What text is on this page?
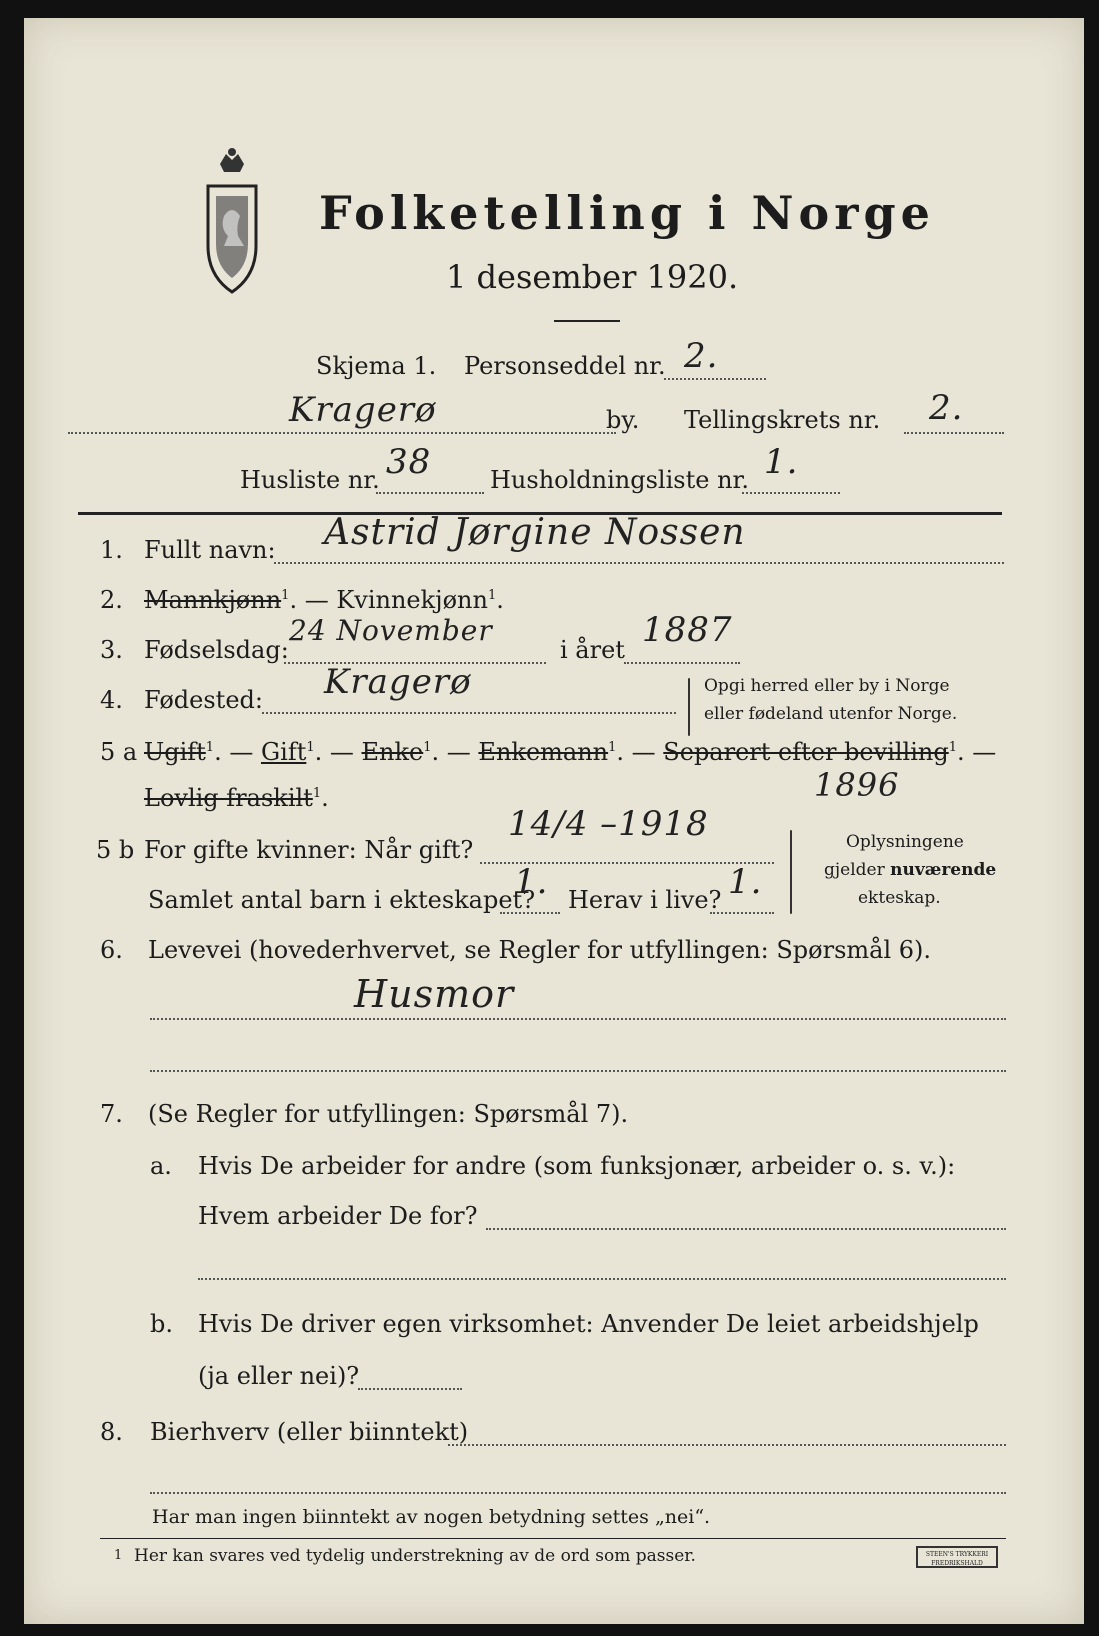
Folketelling i Norge
1 desember 1920.
Skjema 1. Personseddel nr. 2.
Kragerø	by. Tellingskrets nr. 2.
Husliste nr. 38 Husholdningsliste nr. 1.
1. Fullt navn: Astrid Jørgine Nossen
2. Mannkjønn$^1$. — Kvinnekjønn$^1$.
3. Fødselsdag:
24 November
i året 1887
4. Fødested: Kragerø	Opgi herred eller by i Norge
eller fødeland utenfor Norge.
5 a Ugift$^1$. — Gift$^1$. — Enke$^1$. — Enkemann$^1$. — Separert efter bevilling$^1$. —
Lovlig fraskilt$^1$.	1896
5 b For gifte kvinner: Når gift?
14/4 –1918
Samlet antal barn i ekteskapet?
1. Herav i live? 1.
Oplysningene
gjelder nuværende
ekteskap.
6. Levevei (hovederhvervet, se Regler for utfyllingen: Spørsmål 6).
Husmor
7. (Se Regler for utfyllingen: Spørsmål 7).
a. Hvis De arbeider for andre (som funksjonær, arbeider o. s. v.):
Hvem arbeider De for?
b. Hvis De driver egen virksomhet: Anvender De leiet arbeidshjelp
(ja eller nei)?
8. Bierhverv (eller biinntekt)
Har man ingen biinntekt av nogen betydning settes „nei“.
1 Her kan svares ved tydelig understrekning av de ord som passer.	STEEN'S TRYKKERI FREDRIKSHALD
